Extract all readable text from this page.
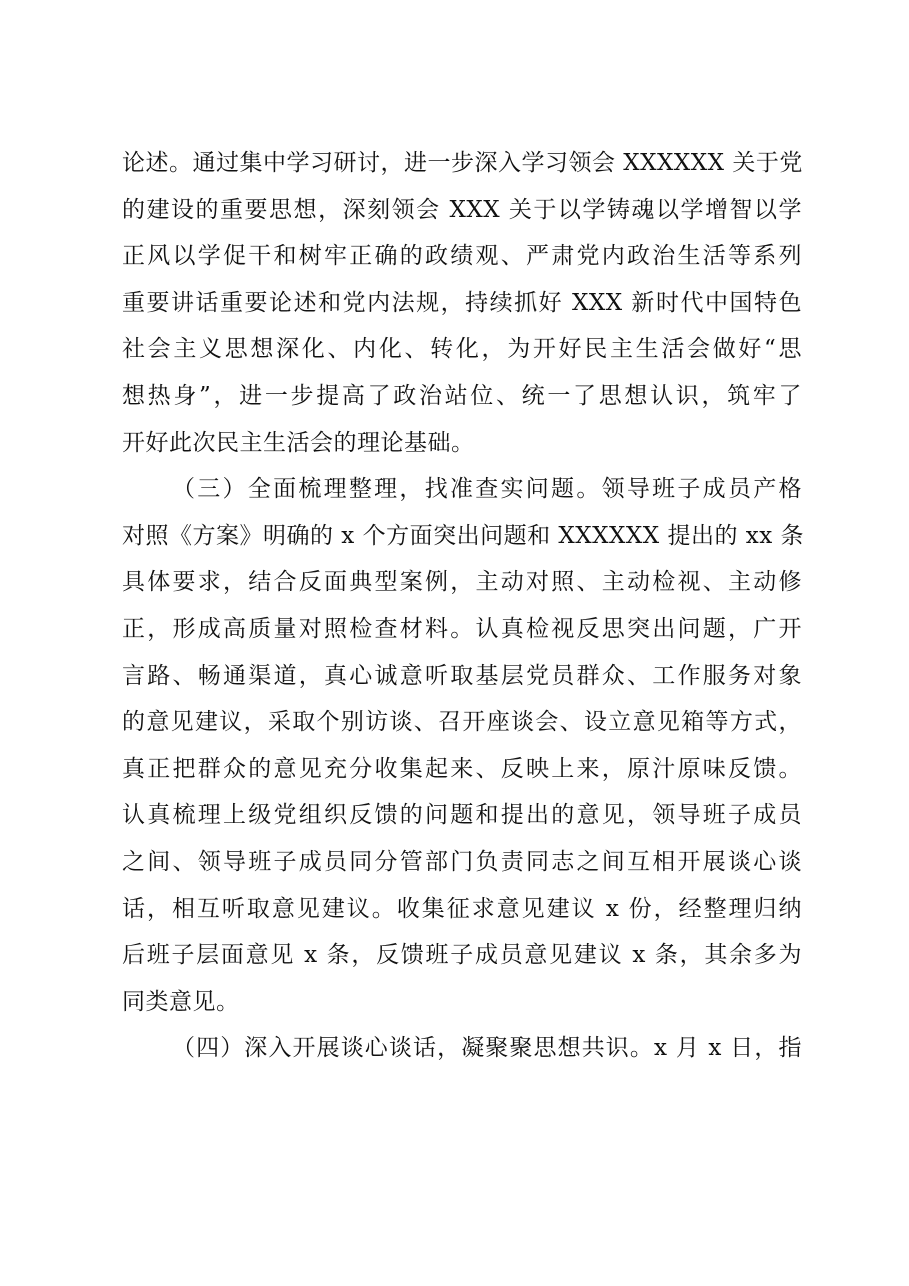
论述。通过集中学习研讨，进一步深入学习领会 XXXXXX 关于党
的建设的重要思想，深刻领会 XXX 关于以学铸魂以学增智以学
正风以学促干和树牢正确的政绩观、严肃党内政治生活等系列
重要讲话重要论述和党内法规，持续抓好 XXX 新时代中国特色
社会主义思想深化、内化、转化，为开好民主生活会做好“思
想热身”，进一步提高了政治站位、统一了思想认识，筑牢了
开好此次民主生活会的理论基础。
（三）全面梳理整理，找准查实问题。领导班子成员产格
对照《方案》明确的 x 个方面突出问题和 XXXXXX 提出的 xx 条
具体要求，结合反面典型案例，主动对照、主动检视、主动修
正，形成高质量对照检查材料。认真检视反思突出问题，广开
言路、畅通渠道，真心诚意听取基层党员群众、工作服务对象
的意见建议，采取个别访谈、召开座谈会、设立意见箱等方式，
真正把群众的意见充分收集起来、反映上来，原汁原味反馈。
认真梳理上级党组织反馈的问题和提出的意见，领导班子成员
之间、领导班子成员同分管部门负责同志之间互相开展谈心谈
话，相互听取意见建议。收集征求意见建议 x 份，经整理归纳
后班子层面意见 x 条，反馈班子成员意见建议 x 条，其余多为
同类意见。
（四）深入开展谈心谈话，凝聚聚思想共识。x 月 x 日，指
